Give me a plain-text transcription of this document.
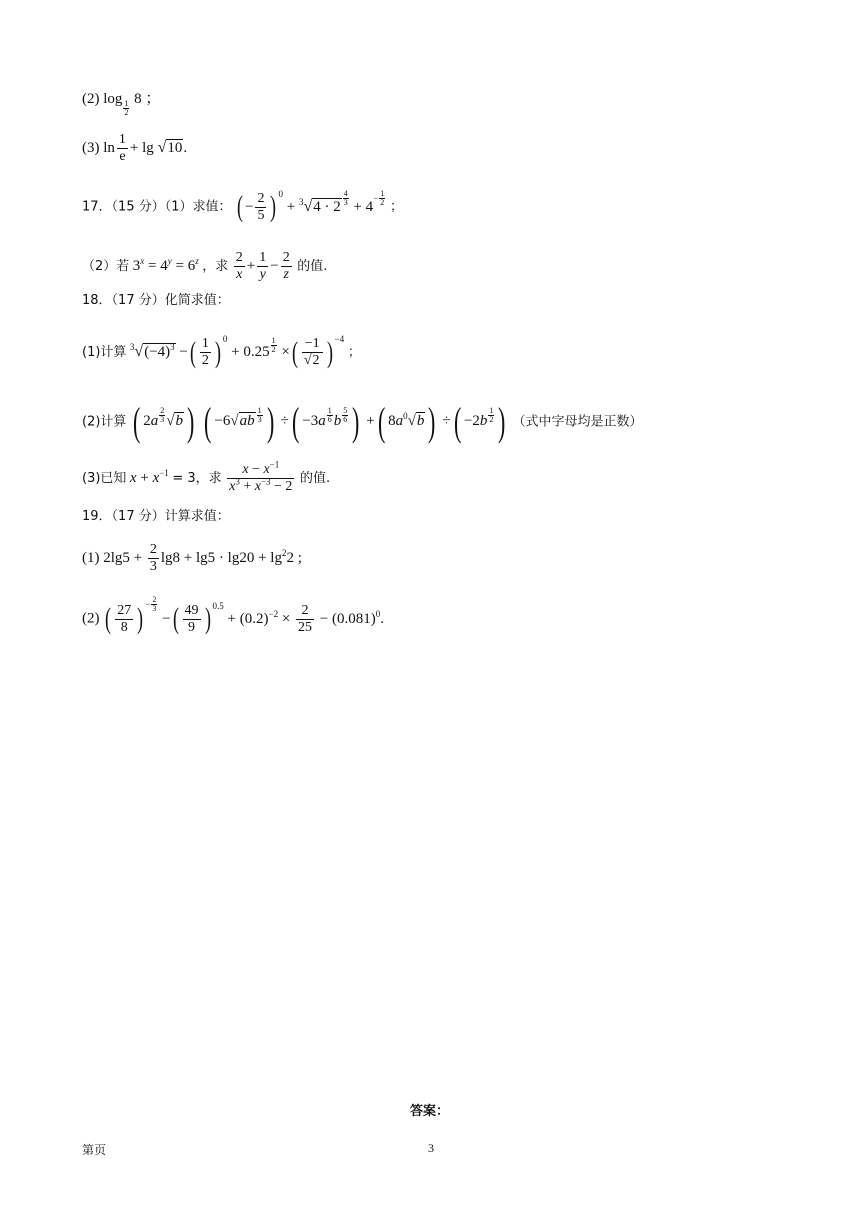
(2) log
$\frac{1}{2}$
8 ；
(3) $\ln \frac{1}{e} + \lg √10$.
17．（15 分）（1）求值： ( − $\frac{2}{5}$ ) $^0$ + $^3$√4 · 2 $^{\frac{4}{3}} + 4^{- \frac{1}{2}}$
；
（2）若 $3^x = 4^y = 6^z$ ，求 $\frac{2}{x} + \frac{1}{y} - \frac{2}{z}$ 的值.
18．（17 分）化简求值：
(1)计算 $^3√(-4)^3$ −( $\frac{1}{2}$ ) $^0$ + 0.25 $^{\frac{1}{2}}$ ×( $\frac{-1}{√2}$ ) $^{-4}$ ；
(2)计算 ( 2a $^{\frac{2}{3}}$ √b) ( −6√ab $^{\frac{1}{3}}$ ) ÷( −3a $^{\frac{1}{6}}$ b $^{\frac{5}{6}}$ ) +( $8a^0√b$) ÷( −2b $^{\frac{1}{2}}$ ) （式中字母均是正数）
(3)已知 $x + x^{-1} = 3$，求 $\frac{x - x^{-1}}{x^3 + x^{-3} - 2}$ 的值.
19．（17 分）计算求值：
(1) $2\lg 5 + \frac{2}{3} \lg 8 + \lg 5 \cdot \lg 20 + \lg^22$ ;
(2) ( $\frac{27}{8}$ ) $^{- \frac{2}{3}}$
−( $\frac{49}{9}$ ) $^{0.5} + (0.2)^{-2} \times \frac{2}{25} - (0.081)^0$.
答案：
第页	3
